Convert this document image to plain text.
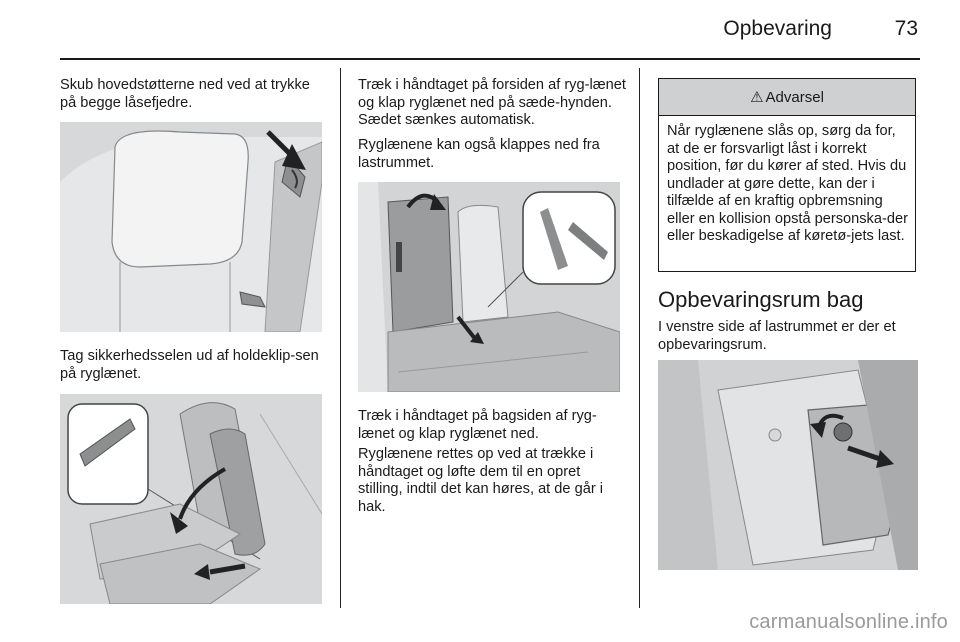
Opbevaring	73

Skub hovedstøtterne ned ved at trykke på begge låsefjedre.

Tag sikkerhedsselen ud af holdeklip-sen på ryglænet.

Træk i håndtaget på forsiden af ryg-lænet og klap ryglænet ned på sæde-hynden. Sædet sænkes automatisk.

Ryglænene kan også klappes ned fra lastrummet.

Træk i håndtaget på bagsiden af ryg-lænet og klap ryglænet ned.

Ryglænene rettes op ved at trække i håndtaget og løfte dem til en opret stilling, indtil det kan høres, at de går i hak.

⚠ Advarsel
Når ryglænene slås op, sørg da for, at de er forsvarligt låst i korrekt position, før du kører af sted. Hvis du undlader at gøre dette, kan der i tilfælde af en kraftig opbremsning eller en kollision opstå personska-der eller beskadigelse af køretø-jets last.
Opbevaringsrum bag

I venstre side af lastrummet er der et opbevaringsrum.

carmanualsonline.info
